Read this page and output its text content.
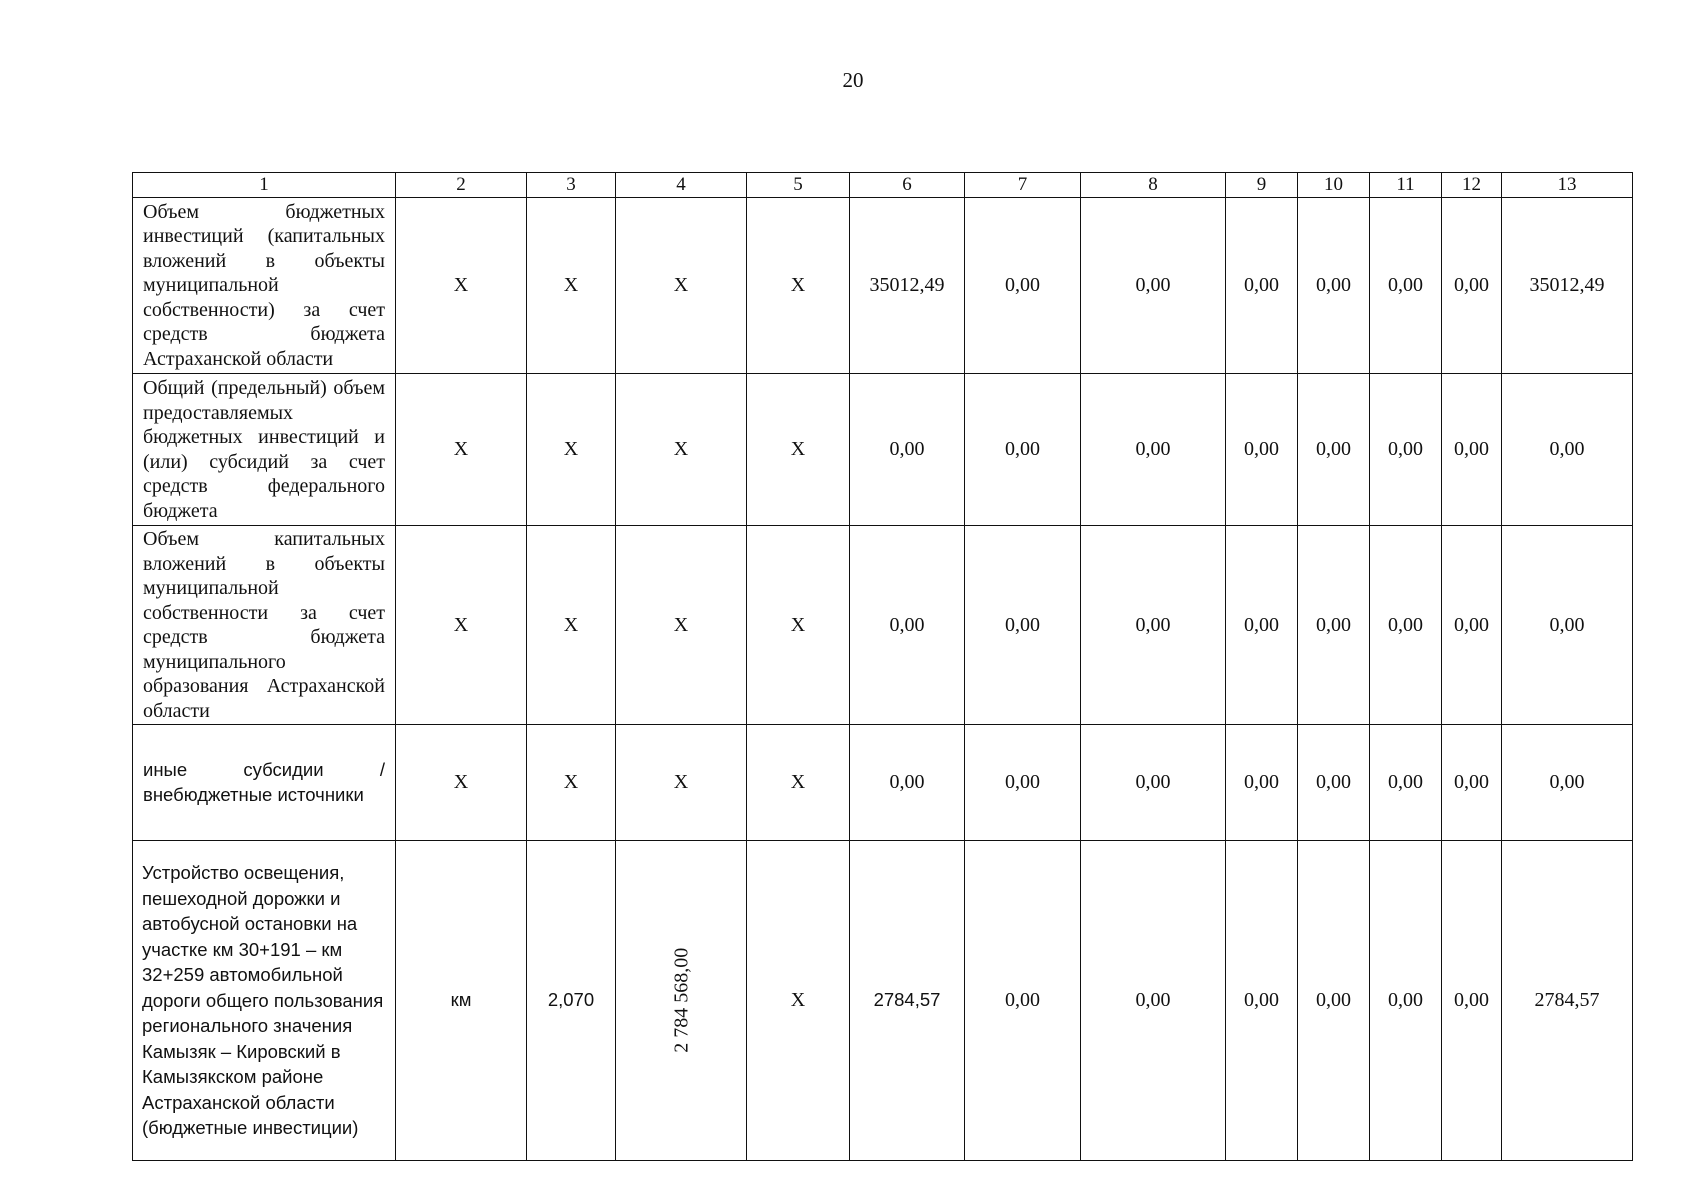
20
1	2	3	4	5	6	7	8	9	10	11	12	13
Объем бюджетных инвестиций (капитальных вложений в объекты муниципальной собственности) за счет средств бюджета Астраханской области	X	X	X	X	35012,49	0,00	0,00	0,00	0,00	0,00	0,00	35012,49
Общий (предельный) объем предоставляемых бюджетных инвестиций и (или) субсидий за счет средств федерального бюджета	X	X	X	X	0,00	0,00	0,00	0,00	0,00	0,00	0,00	0,00
Объем капитальных вложений в объекты муниципальной собственности за счет средств бюджета муниципального образования Астраханской области	X	X	X	X	0,00	0,00	0,00	0,00	0,00	0,00	0,00	0,00
иные субсидии / внебюджетные источники	X	X	X	X	0,00	0,00	0,00	0,00	0,00	0,00	0,00	0,00
Устройство освещения, пешеходной дорожки и автобусной остановки на участке км 30+191 – км 32+259 автомобильной дороги общего пользования регионального значения Камызяк – Кировский в Камызякском районе Астраханской области (бюджетные инвестиции)	км	2,070	2 784 568,00	X	2784,57	0,00	0,00	0,00	0,00	0,00	0,00	2784,57
